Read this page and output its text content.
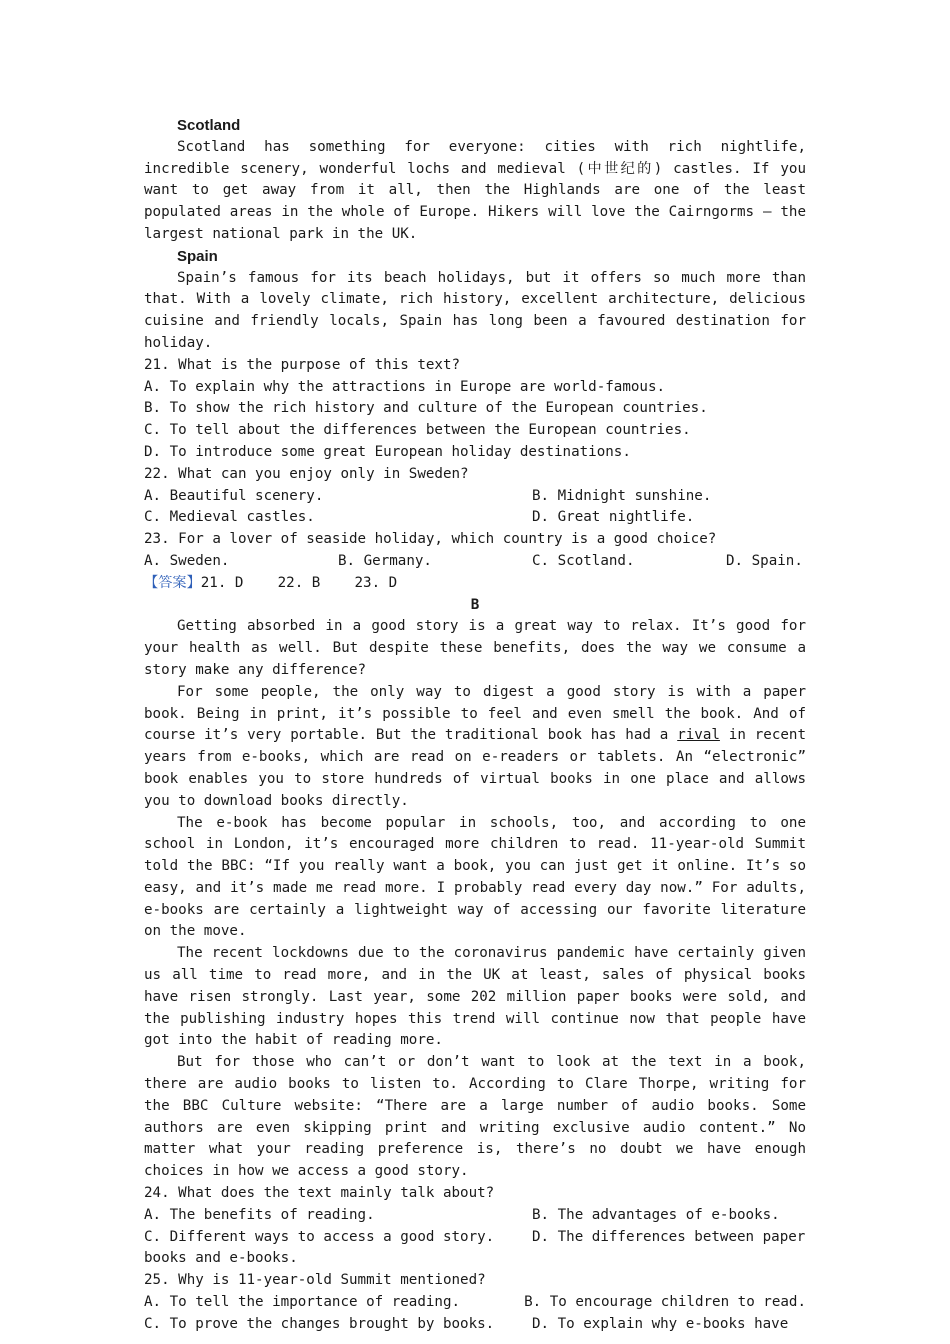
Scotland

Scotland has something for everyone: cities with rich nightlife, incredible scenery, wonderful lochs and medieval (中世纪的) castles. If you want to get away from it all, then the Highlands are one of the least populated areas in the whole of Europe. Hikers will love the Cairngorms – the largest national park in the UK.

Spain

Spain’s famous for its beach holidays, but it offers so much more than that. With a lovely climate, rich history, excellent architecture, delicious cuisine and friendly locals, Spain has long been a favoured destination for holiday.

21. What is the purpose of this text?

A. To explain why the attractions in Europe are world-famous.

B. To show the rich history and culture of the European countries.

C. To tell about the differences between the European countries.

D. To introduce some great European holiday destinations.

22. What can you enjoy only in Sweden?

A. Beautiful scenery.	B. Midnight sunshine.
C. Medieval castles.	D. Great nightlife.

23. For a lover of seaside holiday, which country is a good choice?

A. Sweden.	B. Germany.	C. Scotland.	D. Spain.

【答案】21. D    22. B    23. D

B

Getting absorbed in a good story is a great way to relax. It’s good for your health as well. But despite these benefits, does the way we consume a story make any difference?

For some people, the only way to digest a good story is with a paper book. Being in print, it’s possible to feel and even smell the book. And of course it’s very portable. But the traditional book has had a rival in recent years from e-books, which are read on e-readers or tablets. An “electronic” book enables you to store hundreds of virtual books in one place and allows you to download books directly.

The e-book has become popular in schools, too, and according to one school in London, it’s encouraged more children to read. 11-year-old Summit told the BBC: “If you really want a book, you can just get it online. It’s so easy, and it’s made me read more. I probably read every day now.” For adults, e-books are certainly a lightweight way of accessing our favorite literature on the move.

The recent lockdowns due to the coronavirus pandemic have certainly given us all time to read more, and in the UK at least, sales of physical books have risen strongly. Last year, some 202 million paper books were sold, and the publishing industry hopes this trend will continue now that people have got into the habit of reading more.

But for those who can’t or don’t want to look at the text in a book, there are audio books to listen to. According to Clare Thorpe, writing for the BBC Culture website: “There are a large number of audio books. Some authors are even skipping print and writing exclusive audio content.” No matter what your reading preference is, there’s no doubt we have enough choices in how we access a good story.

24. What does the text mainly talk about?

A. The benefits of reading.	B. The advantages of e-books.
C. Different ways to access a good story.	D. The differences between paper

books and e-books.

25. Why is 11-year-old Summit mentioned?

A. To tell the importance of reading.	B. To encourage children to read.
C. To prove the changes brought by books.	D. To explain why e-books have
